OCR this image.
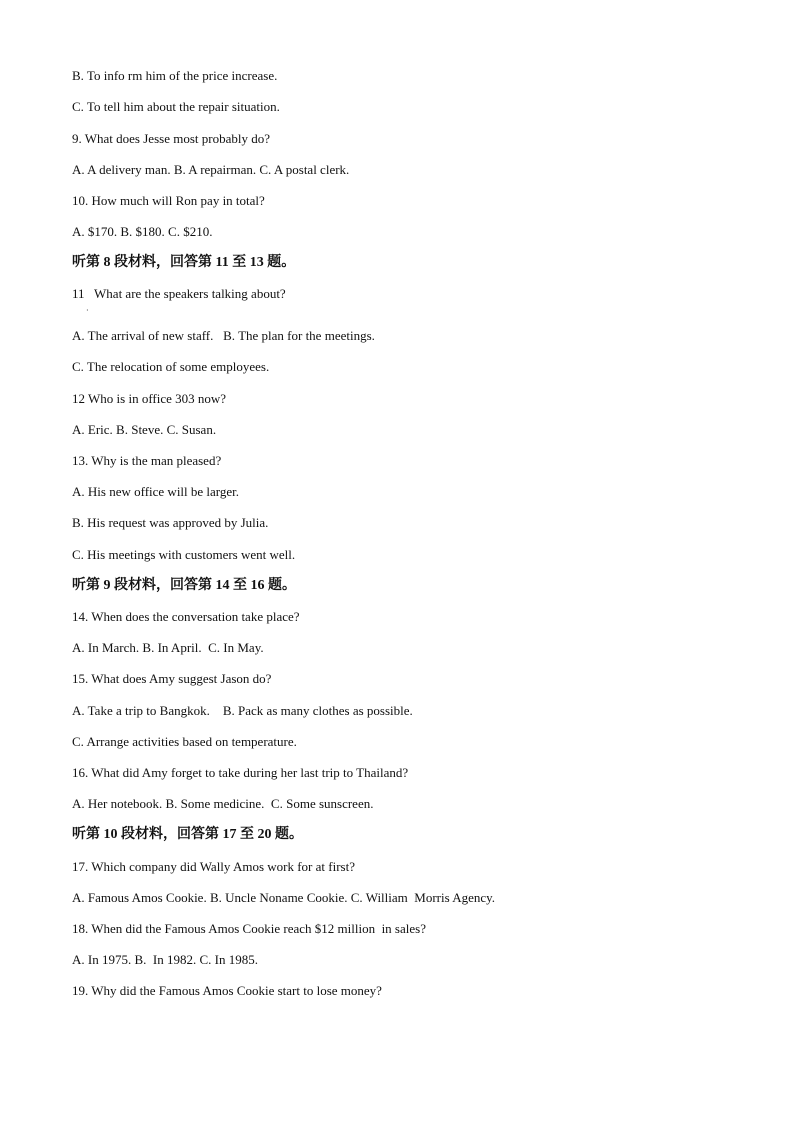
B. To info rm him of the price increase.
C. To tell him about the repair situation.
9. What does Jesse most probably do?
A. A delivery man. B. A repairman. C. A postal clerk.
10. How much will Ron pay in total?
A. $170. B. $180. C. $210.
听第 8 段材料，回答第 11 至 13 题。
11   What are the speakers talking about?
·
A. The arrival of new staff.   B. The plan for the meetings.
C. The relocation of some employees.
12 Who is in office 303 now?
A. Eric. B. Steve. C. Susan.
13. Why is the man pleased?
A. His new office will be larger.
B. His request was approved by Julia.
C. His meetings with customers went well.
听第 9 段材料，回答第 14 至 16 题。
14. When does the conversation take place?
A. In March. B. In April.  C. In May.
15. What does Amy suggest Jason do?
A. Take a trip to Bangkok.    B. Pack as many clothes as possible.
C. Arrange activities based on temperature.
16. What did Amy forget to take during her last trip to Thailand?
A. Her notebook. B. Some medicine.  C. Some sunscreen.
听第 10 段材料，回答第 17 至 20 题。
17. Which company did Wally Amos work for at first?
A. Famous Amos Cookie. B. Uncle Noname Cookie. C. William  Morris Agency.
18. When did the Famous Amos Cookie reach $12 million  in sales?
A. In 1975. B.  In 1982. C. In 1985.
19. Why did the Famous Amos Cookie start to lose money?
